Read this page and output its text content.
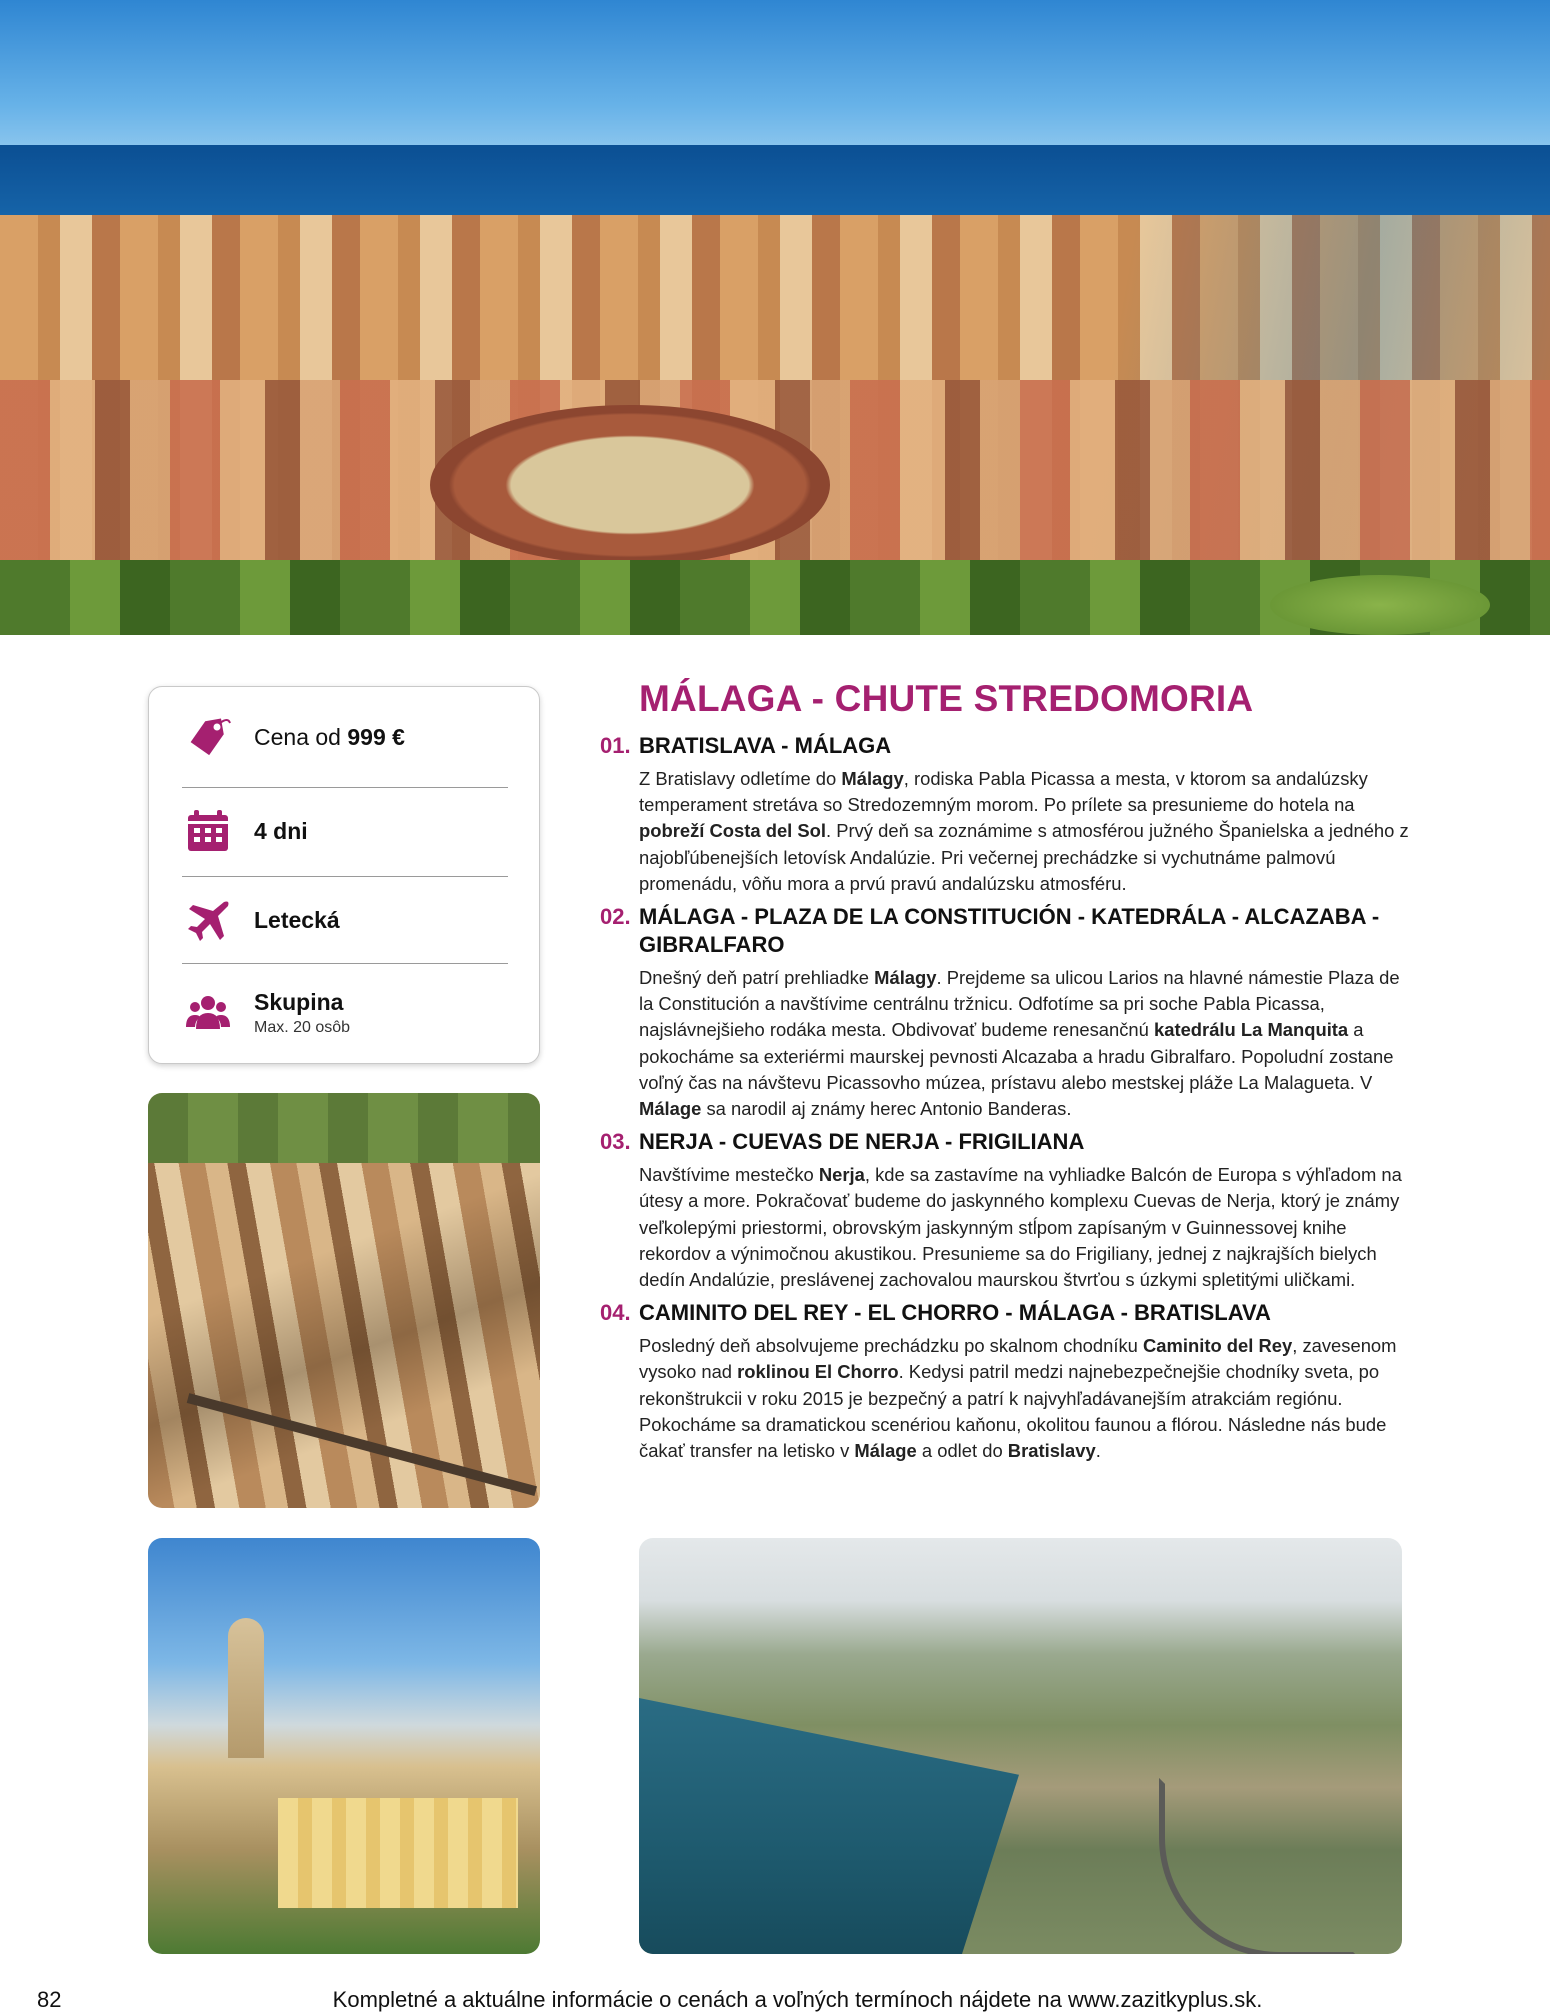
Cena od 999 €
4 dni
Letecká
Skupina
Max. 20 osôb
MÁLAGA - CHUTE STREDOMORIA
01. BRATISLAVA - MÁLAGA

Z Bratislavy odletíme do Málagy, rodiska Pabla Picassa a mesta, v ktorom sa andalúzsky temperament stretáva so Stredozemným morom. Po prílete sa presunieme do hotela na pobreží Costa del Sol. Prvý deň sa zoznámime s atmosférou južného Španielska a jedného z najobľúbenejších letovísk Andalúzie. Pri večernej prechádzke si vychutnáme palmovú promenádu, vôňu mora a prvú pravú andalúzsku atmosféru.

02. MÁLAGA - PLAZA DE LA CONSTITUCIÓN - KATEDRÁLA - ALCAZABA - GIBRALFARO

Dnešný deň patrí prehliadke Málagy. Prejdeme sa ulicou Larios na hlavné námestie Plaza de la Constitución a navštívime centrálnu tržnicu. Odfotíme sa pri soche Pabla Picassa, najslávnejšieho rodáka mesta. Obdivovať budeme renesančnú katedrálu La Manquita a pokocháme sa exteriérmi maurskej pevnosti Alcazaba a hradu Gibralfaro. Popoludní zostane voľný čas na návštevu Picassovho múzea, prístavu alebo mestskej pláže La Malagueta. V Málage sa narodil aj známy herec Antonio Banderas.

03. NERJA - CUEVAS DE NERJA - FRIGILIANA

Navštívime mestečko Nerja, kde sa zastavíme na vyhliadke Balcón de Europa s výhľadom na útesy a more. Pokračovať budeme do jaskynného komplexu Cuevas de Nerja, ktorý je známy veľkolepými priestormi, obrovským jaskynným stĺpom zapísaným v Guinnessovej knihe rekordov a výnimočnou akustikou. Presunieme sa do Frigiliany, jednej z najkrajších bielych dedín Andalúzie, preslávenej zachovalou maurskou štvrťou s úzkymi spletitými uličkami.

04. CAMINITO DEL REY - EL CHORRO - MÁLAGA - BRATISLAVA

Posledný deň absolvujeme prechádzku po skalnom chodníku Caminito del Rey, zavesenom vysoko nad roklinou El Chorro. Kedysi patril medzi najnebezpečnejšie chodníky sveta, po rekonštrukcii v roku 2015 je bezpečný a patrí k najvyhľadávanejším atrakciám regiónu. Pokocháme sa dramatickou scenériou kaňonu, okolitou faunou a flórou. Následne nás bude čakať transfer na letisko v Málage a odlet do Bratislavy.

82	Kompletné a aktuálne informácie o cenách a voľných termínoch nájdete na www.zazitkyplus.sk.
